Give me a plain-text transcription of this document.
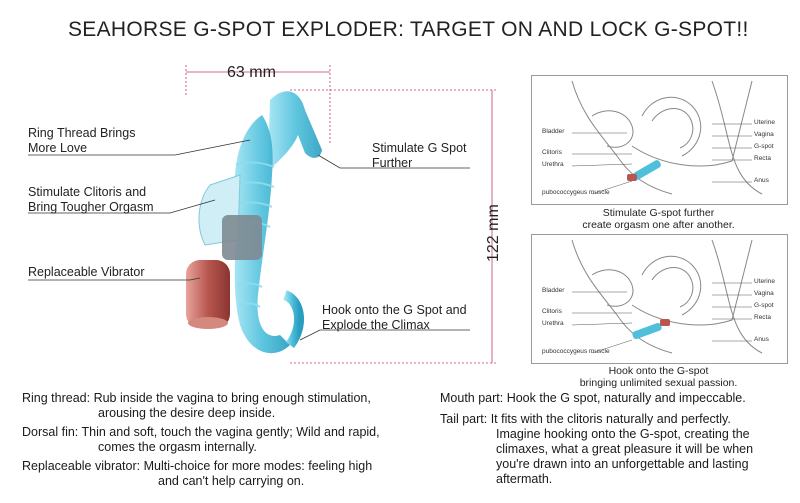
SEAHORSE G-SPOT EXPLODER: TARGET ON AND LOCK G-SPOT!!
63 mm
122 mm
Ring Thread Brings
More Love
Stimulate Clitoris and
Bring Tougher Orgasm
Replaceable Vibrator
Stimulate G Spot
Further
Hook onto the G Spot and
Explode the Climax
Bladder
Clitoris
Urethra
pubococcygeus muscle
Uterine
Vagina
G-spot
Recta
Anus
Stimulate G-spot further
create orgasm one after another.
Bladder
Clitoris
Urethra
pubococcygeus muscle
Uterine
Vagina
G-spot
Recta
Anus
Hook onto the G-spot
bringing unlimited sexual passion.
Ring thread: Rub inside the vagina to bring enough stimulation,
arousing the desire deep inside.
Dorsal fin: Thin and soft, touch the vagina gently; Wild and rapid,
comes the orgasm internally.
Replaceable vibrator: Multi-choice for more modes: feeling high
and can't help carrying on.
Mouth part: Hook the G spot, naturally and impeccable.
Tail part: It fits with the clitoris naturally and perfectly.
Imagine hooking onto the G-spot, creating the
climaxes, what a great pleasure it will be when
you're drawn into an unforgettable and lasting
aftermath.
